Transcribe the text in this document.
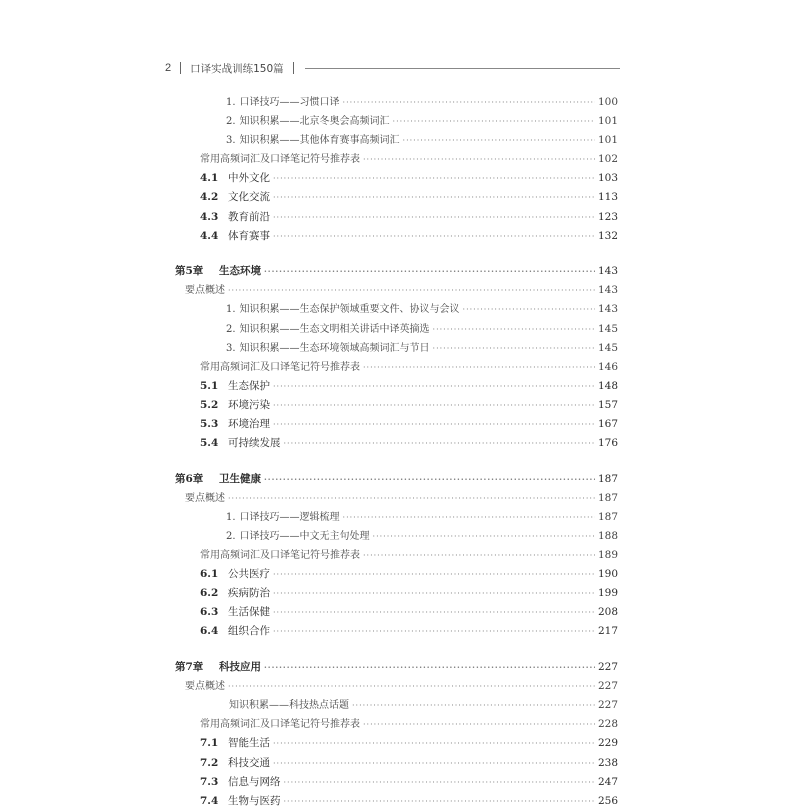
2 口译实战训练150篇
1. 口译技巧——习惯口译 ·····	100
2. 知识积累——北京冬奥会高频词汇 ·····	101
3. 知识积累——其他体育赛事高频词汇 ·····	101
常用高频词汇及口译笔记符号推荐表 ·····	102
4.1 中外文化 ·····	103
4.2 文化交流 ·····	113
4.3 教育前沿 ·····	123
4.4 体育赛事 ·····	132
第5章	生态环境 ·····	143
要点概述 ·····	143
1. 知识积累——生态保护领域重要文件、协议与会议 ·····	143
2. 知识积累——生态文明相关讲话中译英摘选 ·····	145
3. 知识积累——生态环境领域高频词汇与节日 ·····	145
常用高频词汇及口译笔记符号推荐表 ·····	146
5.1 生态保护 ·····	148
5.2 环境污染 ·····	157
5.3 环境治理 ·····	167
5.4 可持续发展 ·····	176
第6章	卫生健康 ·····	187
要点概述 ·····	187
1. 口译技巧——逻辑梳理 ·····	187
2. 口译技巧——中文无主句处理 ·····	188
常用高频词汇及口译笔记符号推荐表 ·····	189
6.1 公共医疗 ·····	190
6.2 疾病防治 ·····	199
6.3 生活保健 ·····	208
6.4 组织合作 ·····	217
第7章	科技应用 ·····	227
要点概述 ·····	227
知识积累——科技热点话题 ·····	227
常用高频词汇及口译笔记符号推荐表 ·····	228
7.1 智能生活 ·····	229
7.2 科技交通 ·····	238
7.3 信息与网络 ·····	247
7.4 生物与医药 ·····	256
